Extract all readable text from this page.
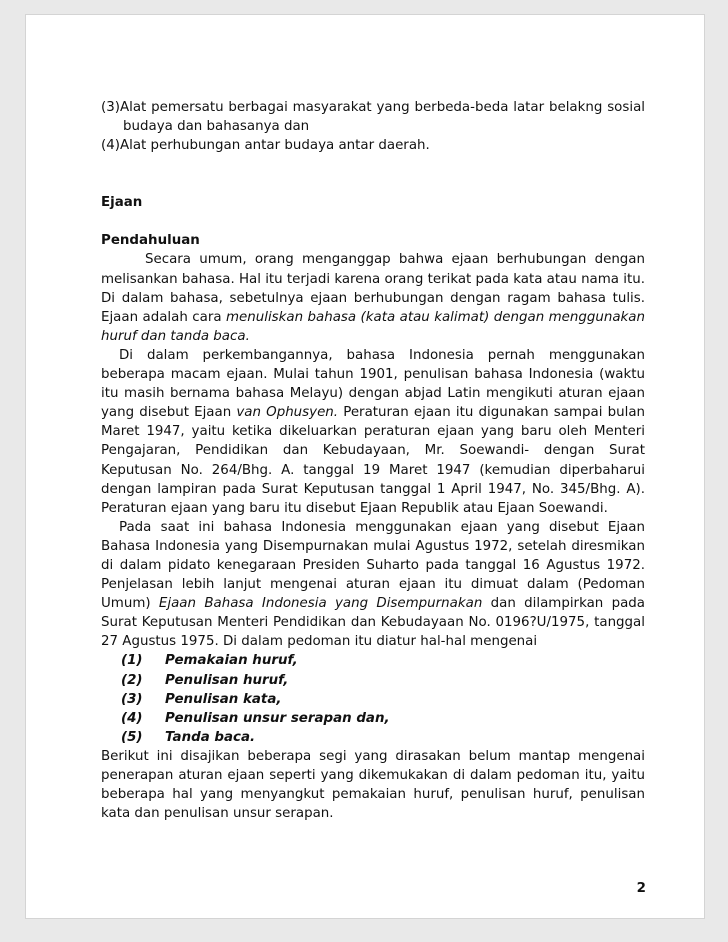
(3)Alat pemersatu berbagai masyarakat yang berbeda-beda latar belakng sosial budaya dan bahasanya dan

(4)Alat perhubungan antar budaya antar daerah.

Ejaan

Pendahuluan

Secara umum, orang menganggap bahwa ejaan berhubungan dengan melisankan bahasa. Hal itu terjadi karena orang terikat pada kata atau nama itu. Di dalam bahasa, sebetulnya ejaan berhubungan dengan ragam bahasa tulis. Ejaan adalah cara menuliskan bahasa (kata atau kalimat) dengan menggunakan huruf dan tanda baca.

Di dalam perkembangannya, bahasa Indonesia pernah menggunakan beberapa macam ejaan. Mulai tahun 1901, penulisan bahasa Indonesia (waktu itu masih bernama bahasa Melayu) dengan abjad Latin mengikuti aturan ejaan yang disebut Ejaan van Ophusyen. Peraturan ejaan itu digunakan sampai bulan Maret 1947, yaitu ketika dikeluarkan peraturan ejaan yang baru oleh Menteri Pengajaran, Pendidikan dan Kebudayaan, Mr. Soewandi- dengan Surat Keputusan No. 264/Bhg. A. tanggal 19 Maret 1947 (kemudian diperbaharui dengan lampiran pada Surat Keputusan tanggal 1 April 1947, No. 345/Bhg. A). Peraturan ejaan yang baru itu disebut Ejaan Republik atau Ejaan Soewandi.

Pada saat ini bahasa Indonesia menggunakan ejaan yang disebut Ejaan Bahasa Indonesia yang Disempurnakan mulai Agustus 1972, setelah diresmikan di dalam pidato kenegaraan Presiden Suharto pada tanggal 16 Agustus 1972. Penjelasan lebih lanjut mengenai aturan ejaan itu dimuat dalam (Pedoman Umum) Ejaan Bahasa Indonesia yang Disempurnakan dan dilampirkan pada Surat Keputusan Menteri Pendidikan dan Kebudayaan No. 0196?U/1975, tanggal 27 Agustus 1975. Di dalam pedoman itu diatur hal-hal mengenai

(1)	Pemakaian huruf,
(2)	Penulisan huruf,
(3)	Penulisan kata,
(4)	Penulisan unsur serapan dan,
(5)	Tanda baca.

Berikut ini disajikan beberapa segi yang dirasakan belum mantap mengenai penerapan aturan ejaan seperti yang dikemukakan di dalam pedoman itu, yaitu beberapa hal yang menyangkut pemakaian huruf, penulisan huruf, penulisan kata dan penulisan unsur serapan.

2
